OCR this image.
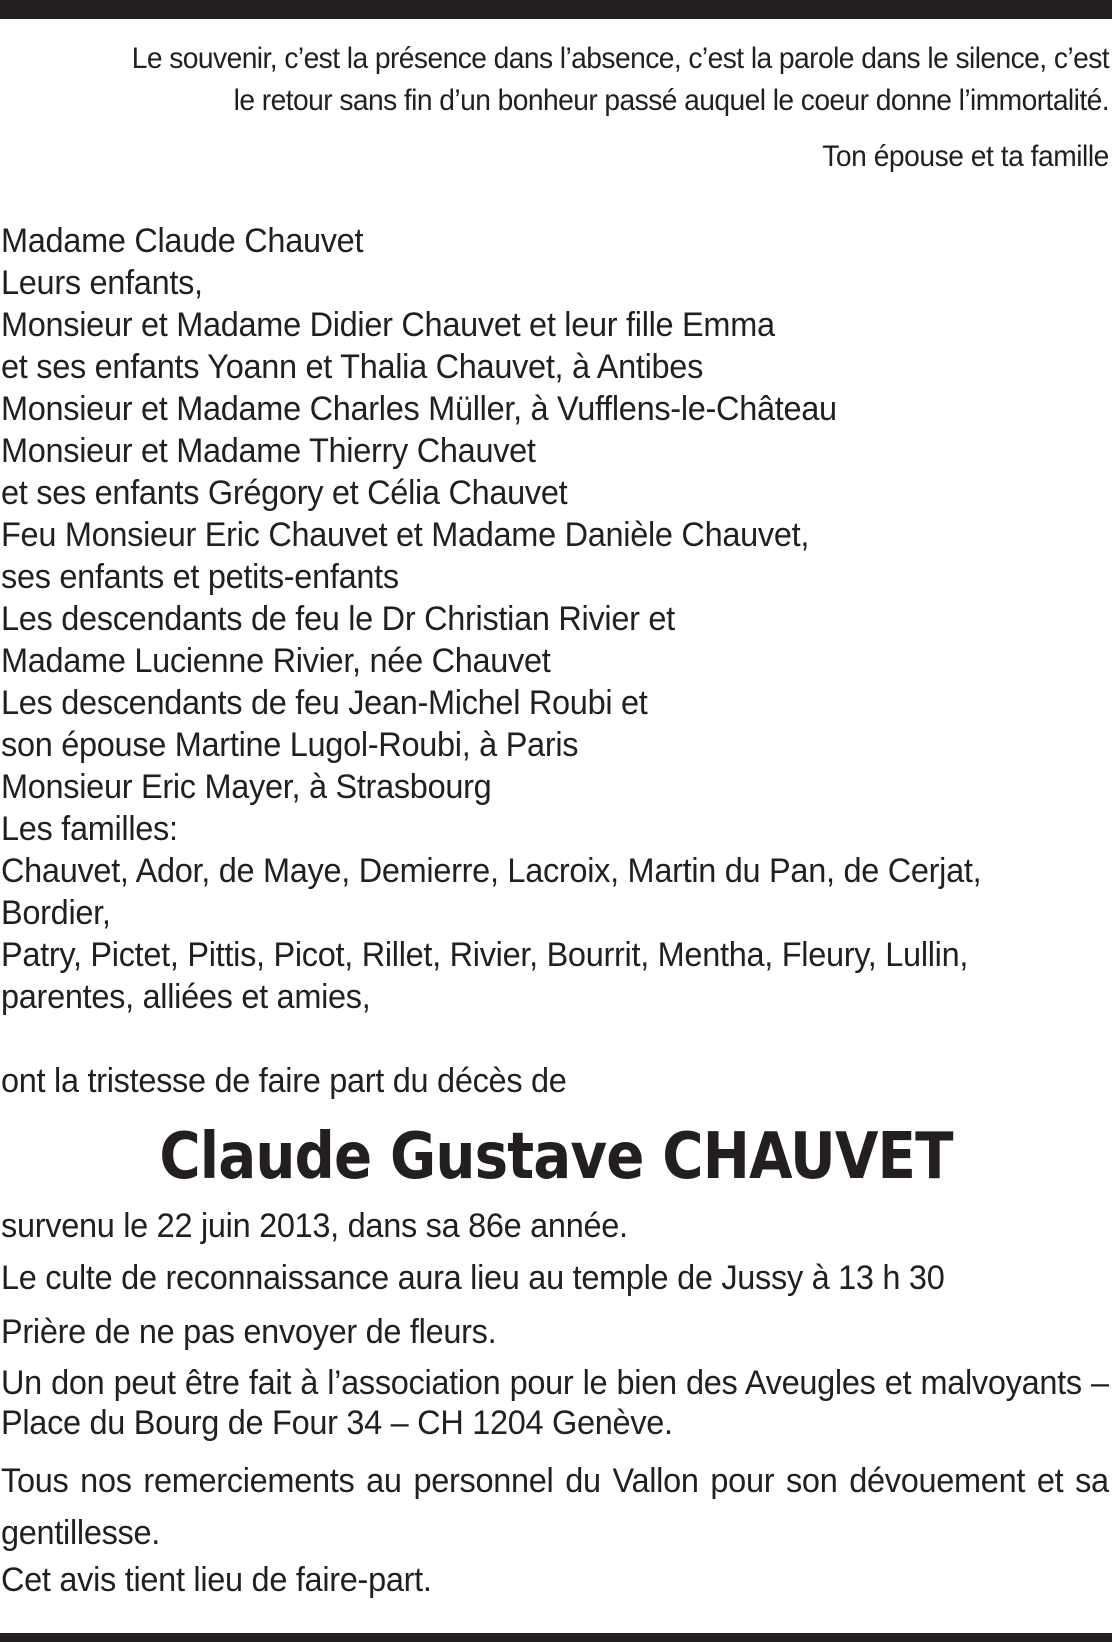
Le souvenir, c’est la présence dans l’absence, c’est la parole dans le silence, c’est
le retour sans fin d’un bonheur passé auquel le coeur donne l’immortalité.
Ton épouse et ta famille
Madame Claude Chauvet
Leurs enfants,
Monsieur et Madame Didier Chauvet et leur fille Emma
et ses enfants Yoann et Thalia Chauvet, à Antibes
Monsieur et Madame Charles Müller, à Vufflens-le-Château
Monsieur et Madame Thierry Chauvet
et ses enfants Grégory et Célia Chauvet
Feu Monsieur Eric Chauvet et Madame Danièle Chauvet,
ses enfants et petits-enfants
Les descendants de feu le Dr Christian Rivier et
Madame Lucienne Rivier, née Chauvet
Les descendants de feu Jean-Michel Roubi et
son épouse Martine Lugol-Roubi, à Paris
Monsieur Eric Mayer, à Strasbourg
Les familles:
Chauvet, Ador, de Maye, Demierre, Lacroix, Martin du Pan, de Cerjat,
Bordier,
Patry, Pictet, Pittis, Picot, Rillet, Rivier, Bourrit, Mentha, Fleury, Lullin,
parentes, alliées et amies,
ont la tristesse de faire part du décès de
Claude Gustave CHAUVET
survenu le 22 juin 2013, dans sa 86e année.
Le culte de reconnaissance aura lieu au temple de Jussy à 13 h 30
Prière de ne pas envoyer de fleurs.
Un don peut être fait à l’association pour le bien des Aveugles et malvoyants – Place du Bourg de Four 34 – CH 1204 Genève.
Tous nos remerciements au personnel du Vallon pour son dévouement et sa gentillesse.
Cet avis tient lieu de faire-part.
